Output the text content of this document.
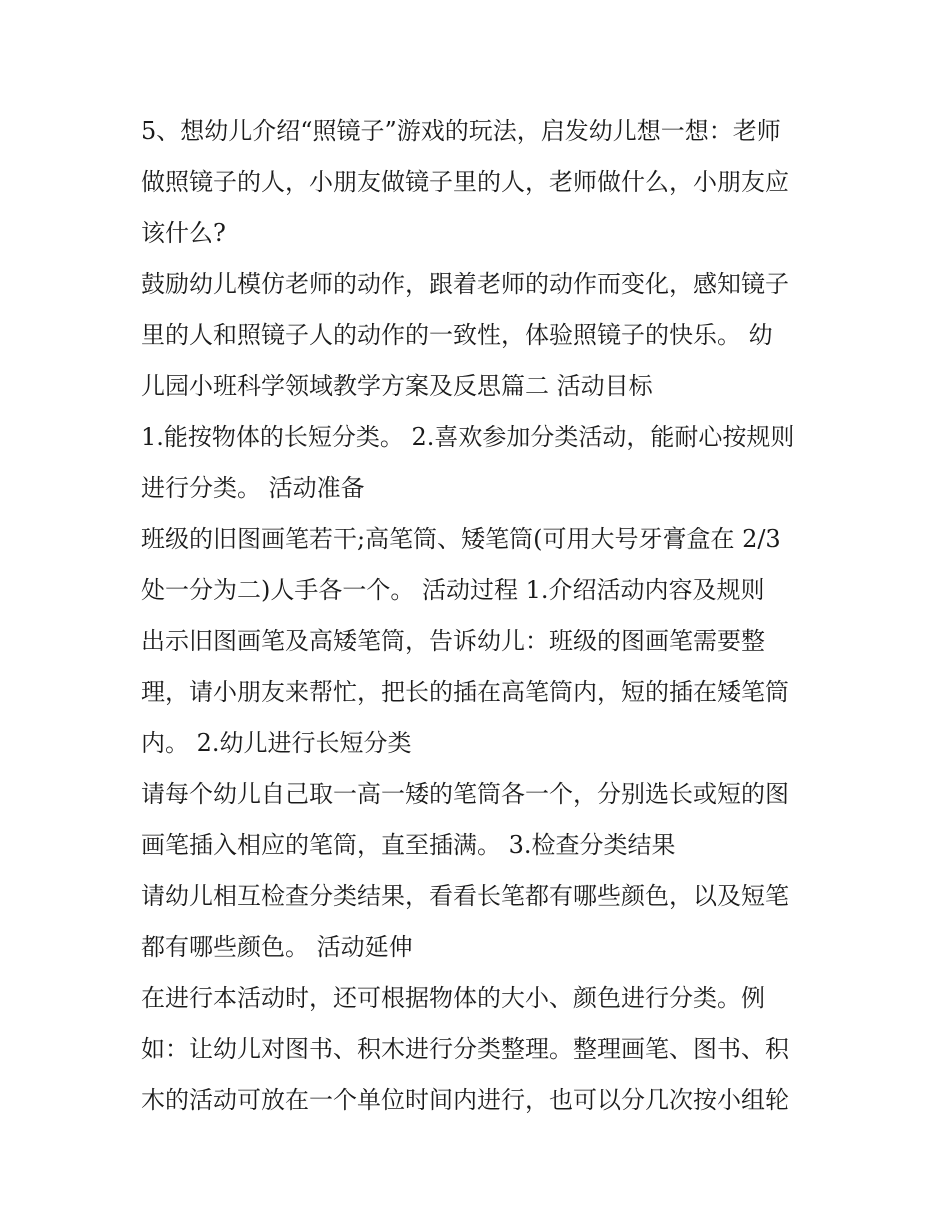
5、想幼儿介绍“照镜子”游戏的玩法，启发幼儿想一想：老师
做照镜子的人，小朋友做镜子里的人，老师做什么，小朋友应
该什么?
鼓励幼儿模仿老师的动作，跟着老师的动作而变化，感知镜子
里的人和照镜子人的动作的一致性，体验照镜子的快乐。 幼
儿园小班科学领域教学方案及反思篇二 活动目标
1.能按物体的长短分类。 2.喜欢参加分类活动，能耐心按规则
进行分类。 活动准备
班级的旧图画笔若干;高笔筒、矮笔筒(可用大号牙膏盒在 2/3
处一分为二)人手各一个。 活动过程 1.介绍活动内容及规则
出示旧图画笔及高矮笔筒，告诉幼儿：班级的图画笔需要整
理，请小朋友来帮忙，把长的插在高笔筒内，短的插在矮笔筒
内。 2.幼儿进行长短分类
请每个幼儿自己取一高一矮的笔筒各一个，分别选长或短的图
画笔插入相应的笔筒，直至插满。 3.检查分类结果
请幼儿相互检查分类结果，看看长笔都有哪些颜色，以及短笔
都有哪些颜色。 活动延伸
在进行本活动时，还可根据物体的大小、颜色进行分类。例
如：让幼儿对图书、积木进行分类整理。整理画笔、图书、积
木的活动可放在一个单位时间内进行，也可以分几次按小组轮
